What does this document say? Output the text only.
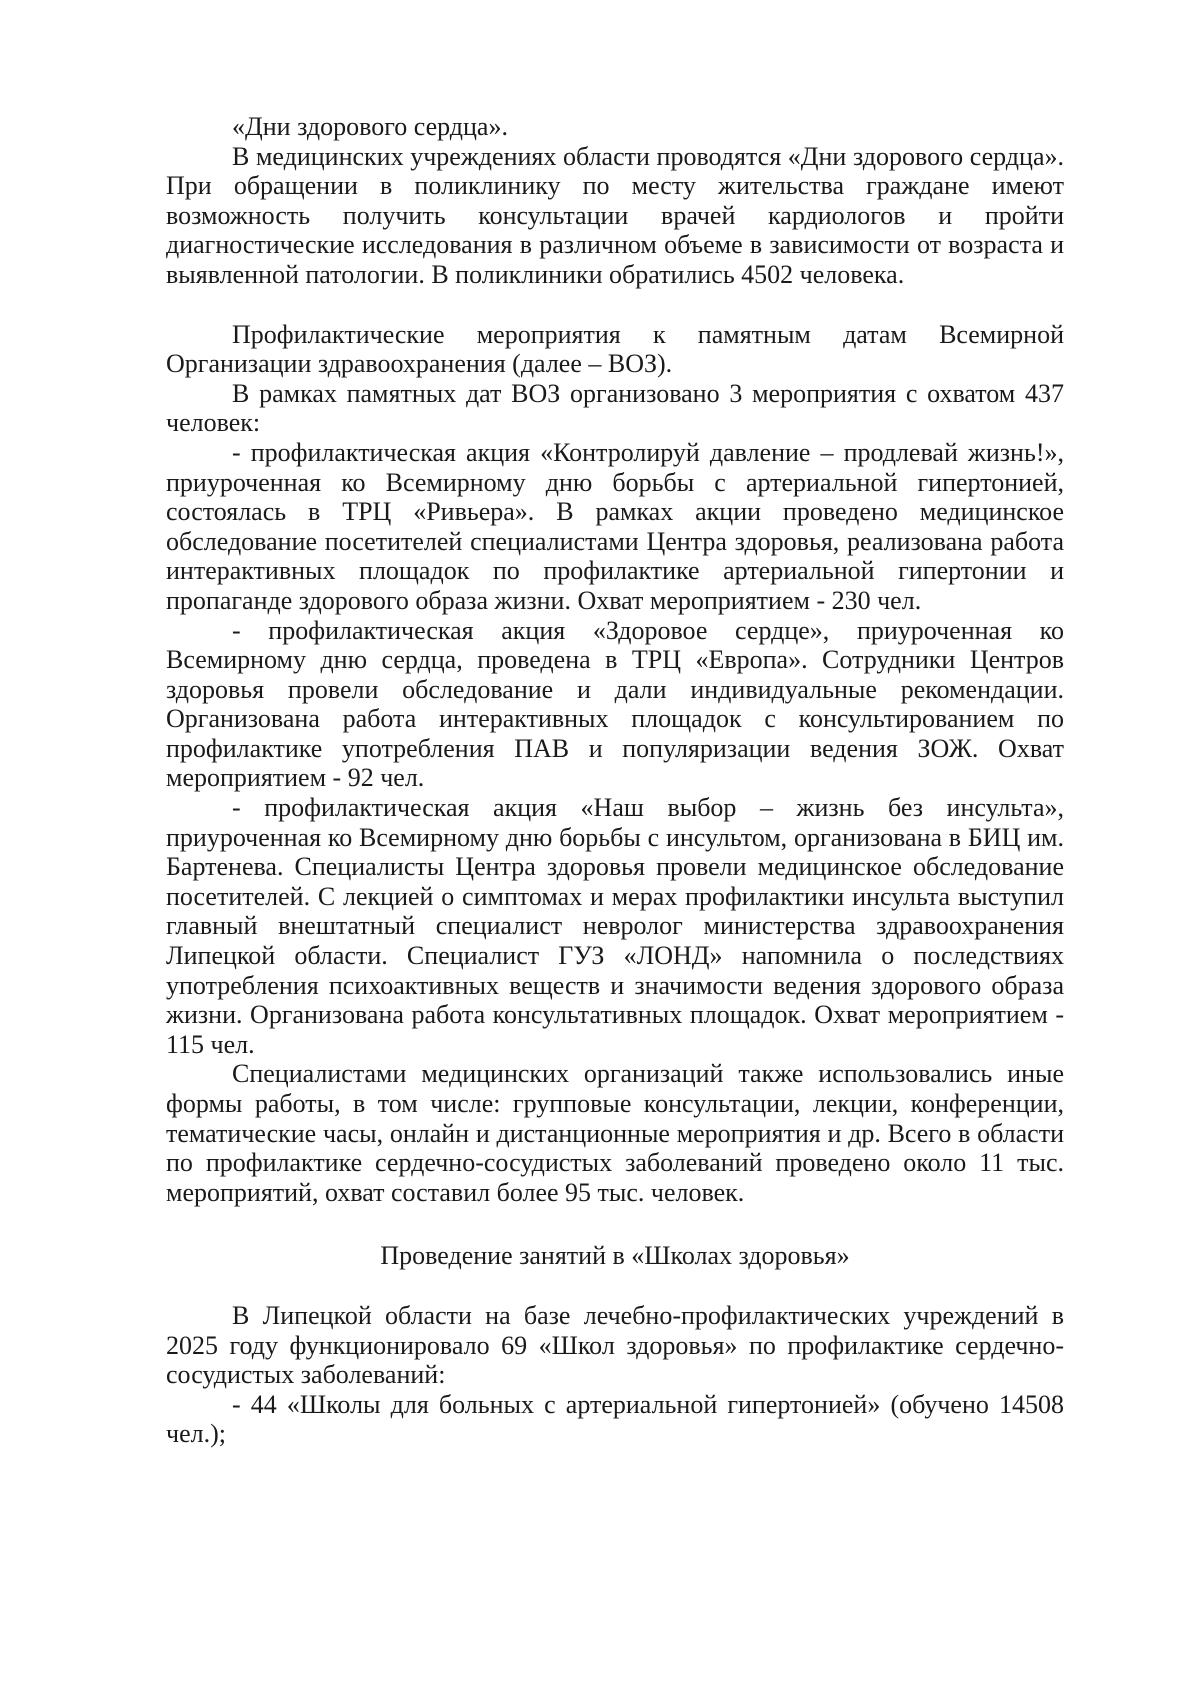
«Дни здорового сердца».

В медицинских учреждениях области проводятся «Дни здорового сердца». При обращении в поликлинику по месту жительства граждане имеют возможность получить консультации врачей кардиологов и пройти диагностические исследования в различном объеме в зависимости от возраста и выявленной патологии. В поликлиники обратились 4502 человека.

Профилактические мероприятия к памятным датам Всемирной Организации здравоохранения (далее – ВОЗ).

В рамках памятных дат ВОЗ организовано 3 мероприятия с охватом 437 человек:

- профилактическая акция «Контролируй давление – продлевай жизнь!», приуроченная ко Всемирному дню борьбы с артериальной гипертонией, состоялась в ТРЦ «Ривьера». В рамках акции проведено медицинское обследование посетителей специалистами Центра здоровья, реализована работа интерактивных площадок по профилактике артериальной гипертонии и пропаганде здорового образа жизни. Охват мероприятием - 230 чел.

- профилактическая акция «Здоровое сердце», приуроченная ко Всемирному дню сердца, проведена в ТРЦ «Европа». Сотрудники Центров здоровья провели обследование и дали индивидуальные рекомендации. Организована работа интерактивных площадок с консультированием по профилактике употребления ПАВ и популяризации ведения ЗОЖ. Охват мероприятием - 92 чел.

- профилактическая акция «Наш выбор – жизнь без инсульта», приуроченная ко Всемирному дню борьбы с инсультом, организована в БИЦ им. Бартенева. Специалисты Центра здоровья провели медицинское обследование посетителей. С лекцией о симптомах и мерах профилактики инсульта выступил главный внештатный специалист невролог министерства здравоохранения Липецкой области. Специалист ГУЗ «ЛОНД» напомнила о последствиях употребления психоактивных веществ и значимости ведения здорового образа жизни. Организована работа консультативных площадок. Охват мероприятием - 115 чел.

Специалистами медицинских организаций также использовались иные формы работы, в том числе: групповые консультации, лекции, конференции, тематические часы, онлайн и дистанционные мероприятия и др. Всего в области по профилактике сердечно-сосудистых заболеваний проведено около 11 тыс. мероприятий, охват составил более 95 тыс. человек.

Проведение занятий в «Школах здоровья»

В Липецкой области на базе лечебно-профилактических учреждений в 2025 году функционировало 69 «Школ здоровья» по профилактике сердечно-сосудистых заболеваний:

- 44 «Школы для больных с артериальной гипертонией» (обучено 14508 чел.);
